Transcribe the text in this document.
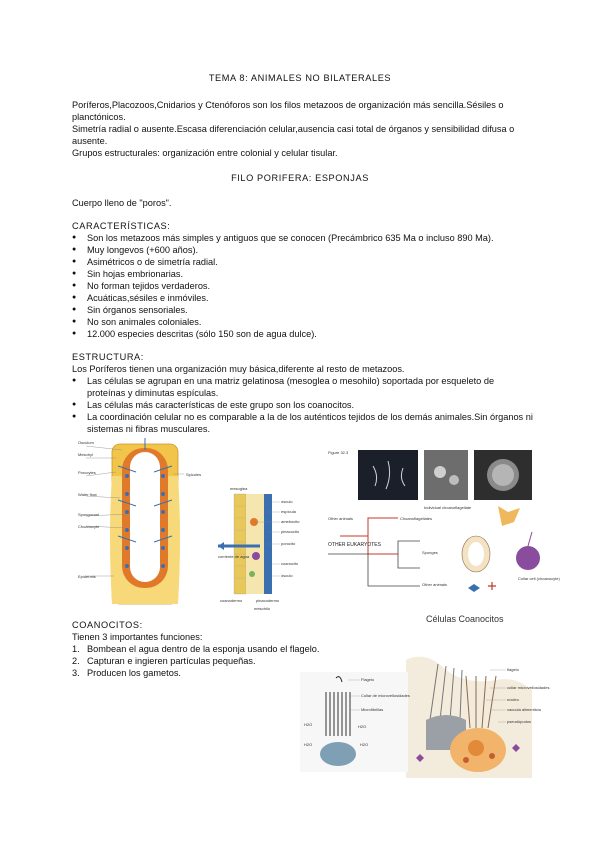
TEMA 8: ANIMALES NO BILATERALES
Poríferos,Placozoos,Cnidarios y Ctenóforos son los filos metazoos de organización más sencilla.Sésiles o
planctónicos.
Simetría radial o ausente.Escasa diferenciación celular,ausencia casi total de órganos y sensibilidad difusa o
ausente.
Grupos estructurales: organización entre colonial y celular tisular.
FILO PORIFERA: ESPONJAS
Cuerpo lleno de "poros".
CARACTERÍSTICAS:
● Son los metazoos más simples y antiguos que se conocen (Precámbrico 635 Ma o incluso 890 Ma).
● Muy longevos (+600 años).
● Asimétricos o de simetría radial.
● Sin hojas embrionarias.
● No forman tejidos verdaderos.
● Acuáticas,sésiles e inmóviles.
● Sin órganos sensoriales.
● No son animales coloniales.
● 12.000 especies descritas (sólo 150 son de agua dulce).
ESTRUCTURA:
Los Poríferos tienen una organización muy básica,diferente al resto de metazoos.
● Las células se agrupan en una matriz gelatinosa (mesoglea o mesohilo) soportada por esqueleto de
proteínas y diminutas espículas.
● Las células más características de este grupo son los coanocitos.
● La coordinación celular no es comparable a la de los auténticos tejidos de los demás animales.Sin órganos ni
sistemas ni fibras musculares.
Osculum
Mesohyl
Porocytes	Spicules
Water flow
Spongocoel
Choanocyte
Epidermis
mesoglea
ósculo
espícula
amebocito
pinacocito
porocito
coanocito
ósculo
corriente de agua
coanodermo	pinacodermo
mesohilo
Figure 32.3
Individual choanoflagellate
Other animals	Choanoflagellates
Sponges
OTHER EUKARYOTES
Other animals
Collar cell (choanocyte)
COANOCITOS:
Tienen 3 importantes funciones:
1. Bombean el agua dentro de la esponja usando el flagelo.
2. Capturan e ingieren partículas pequeñas.
3. Producen los gametos.
Células Coanocitos
flagelo
collar microvellosidades
núcleo
vacuola alimenticia
pseudópodos
Flagelo
Collar de microvellosidades
Microfibrillas
H2O	H2O
H2O	H2O
